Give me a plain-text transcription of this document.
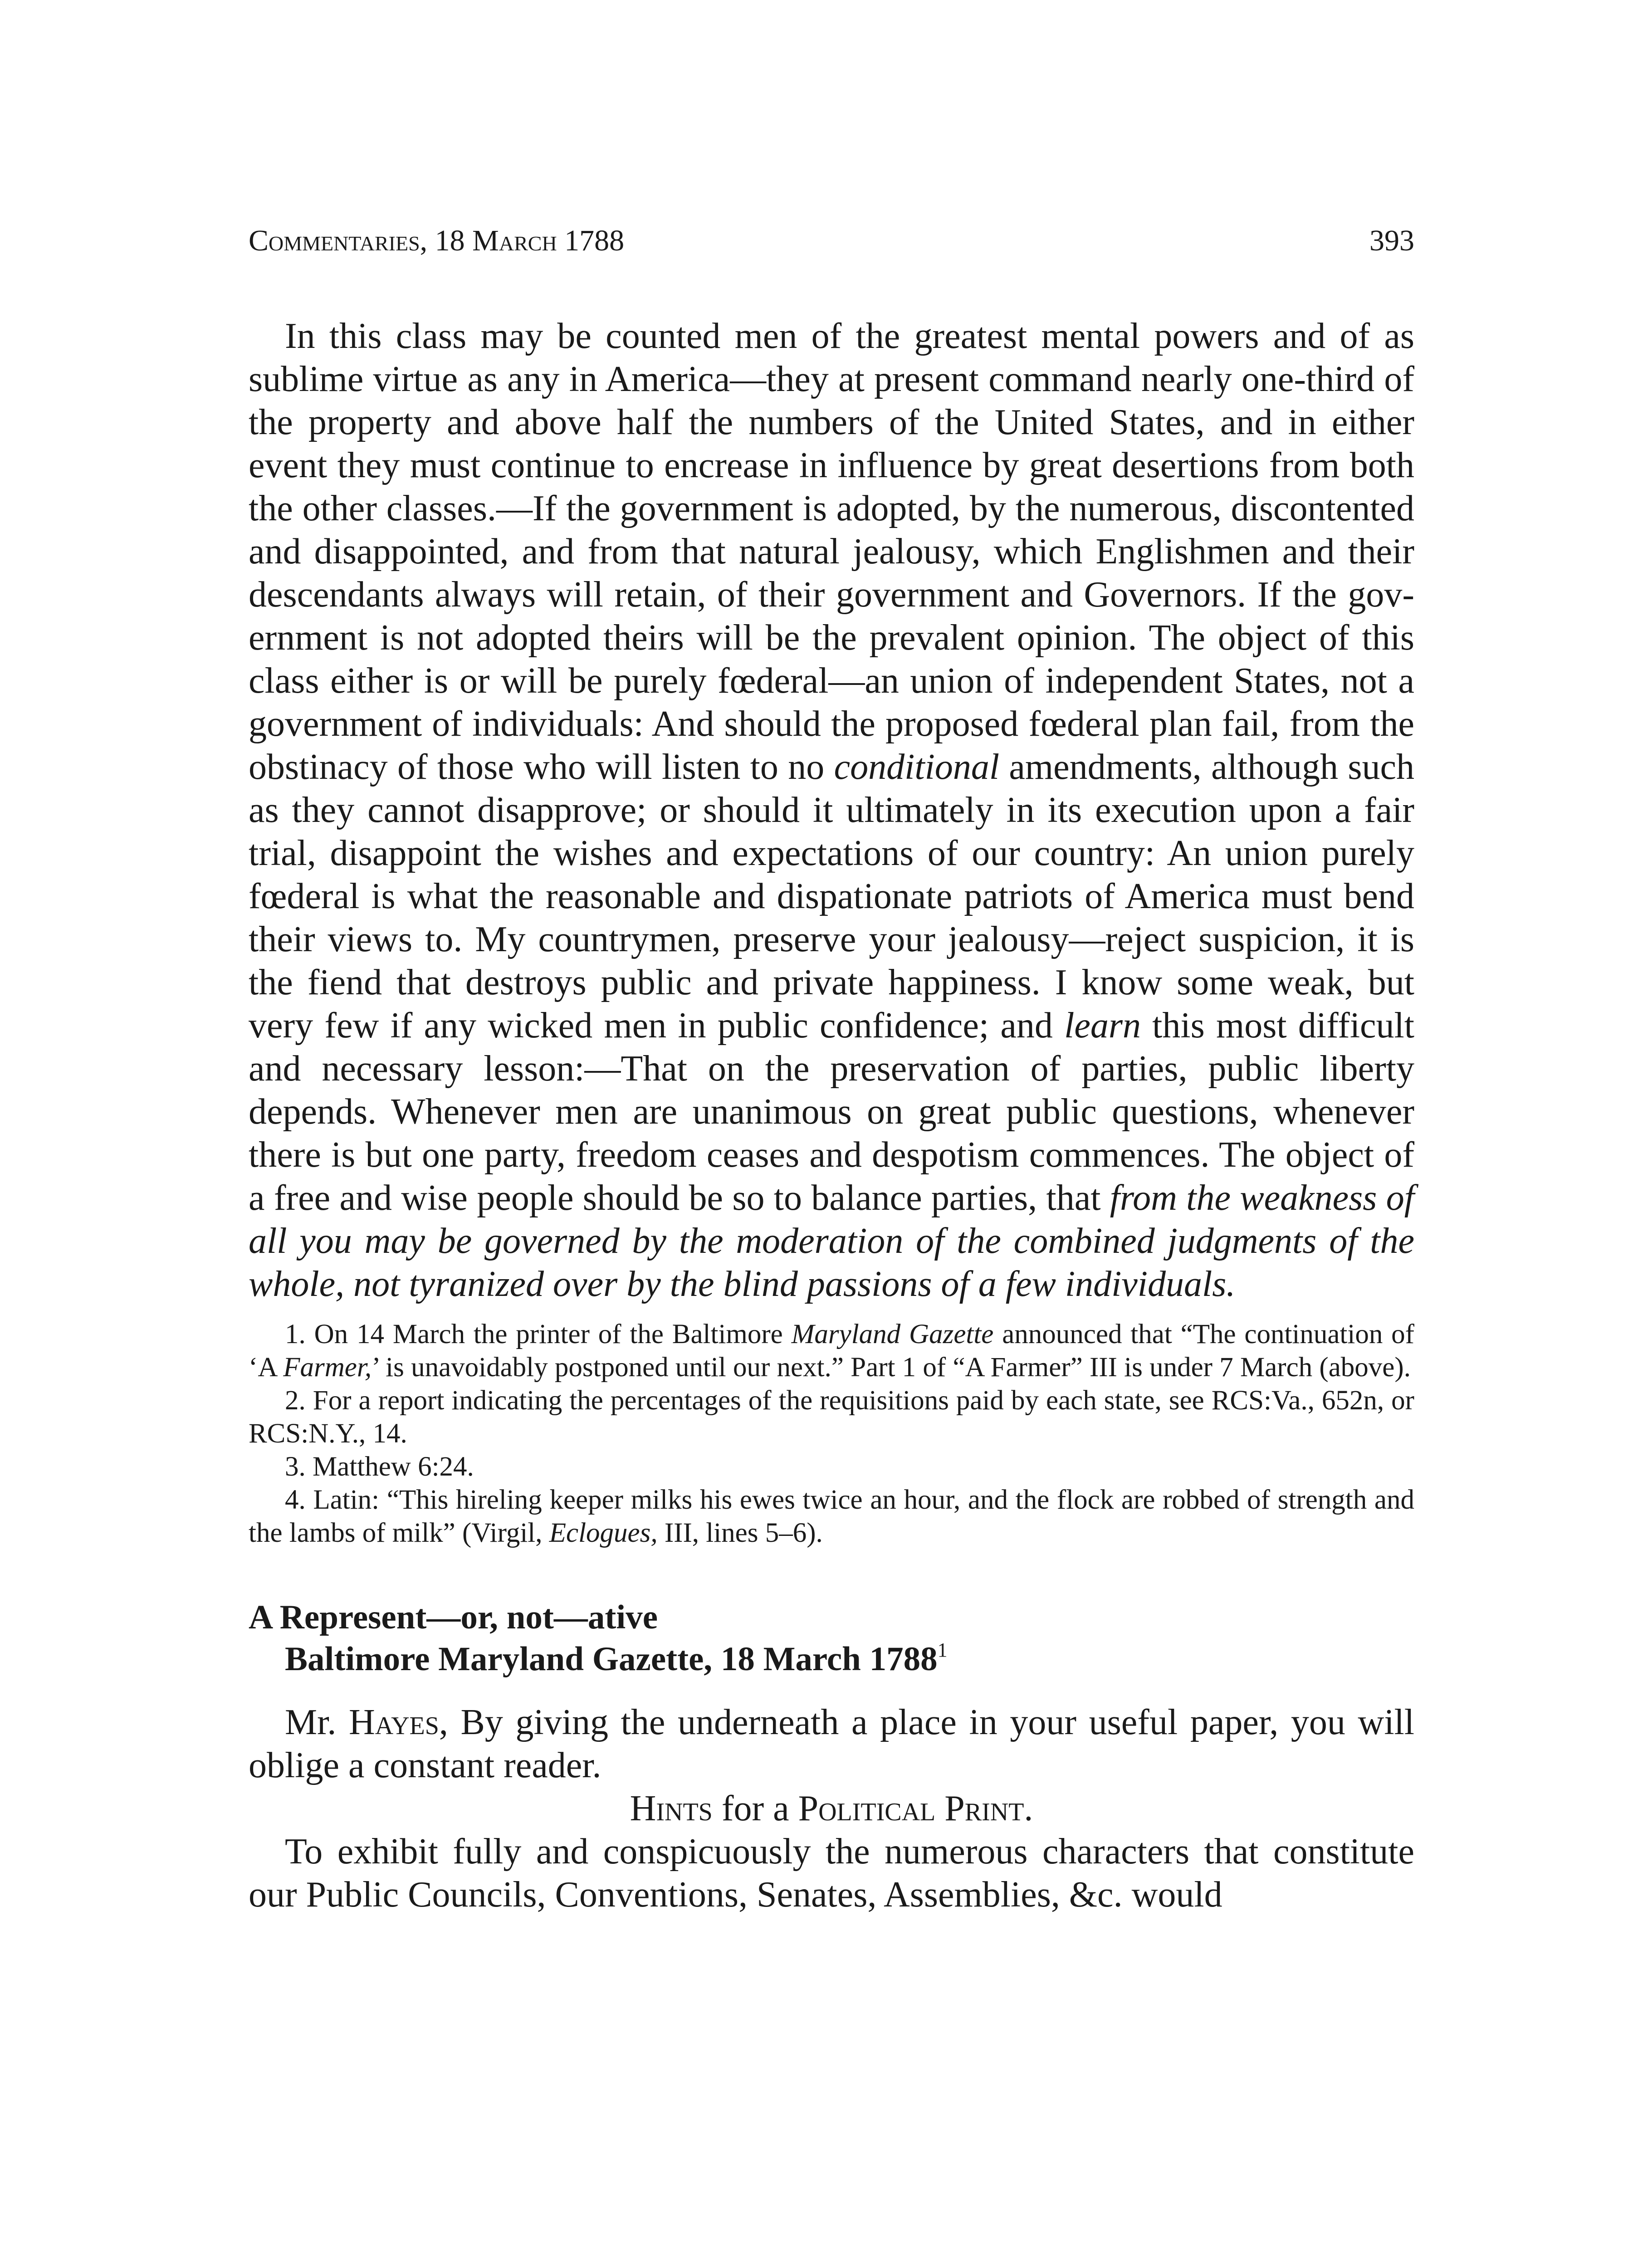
Commentaries, 18 March 1788	393

In this class may be counted men of the greatest mental powers and of as sublime virtue as any in America—they at present command nearly one-third of the property and above half the numbers of the United States, and in either event they must continue to encrease in influence by great desertions from both the other classes.—If the government is adopted, by the numerous, discontented and disappointed, and from that natural jealousy, which Englishmen and their descendants always will retain, of their government and Governors. If the government is not adopted theirs will be the prevalent opinion. The object of this class either is or will be purely fœderal—an union of independent States, not a government of individuals: And should the proposed fœderal plan fail, from the obstinacy of those who will listen to no conditional amendments, although such as they cannot disapprove; or should it ultimately in its execution upon a fair trial, disappoint the wishes and expectations of our country: An union purely fœderal is what the reasonable and dispationate patriots of America must bend their views to. My countrymen, preserve your jealousy—reject suspicion, it is the fiend that destroys public and private happiness. I know some weak, but very few if any wicked men in public confidence; and learn this most difficult and necessary lesson:—That on the preservation of parties, public liberty depends. Whenever men are unanimous on great public questions, whenever there is but one party, freedom ceases and despotism commences. The object of a free and wise people should be so to balance parties, that from the weakness of all you may be governed by the moderation of the combined judgments of the whole, not tyranized over by the blind passions of a few individuals.

1. On 14 March the printer of the Baltimore Maryland Gazette announced that “The continuation of ‘A Farmer,’ is unavoidably postponed until our next.” Part 1 of “A Farmer” III is under 7 March (above).

2. For a report indicating the percentages of the requisitions paid by each state, see RCS:Va., 652n, or RCS:N.Y., 14.

3. Matthew 6:24.

4. Latin: “This hireling keeper milks his ewes twice an hour, and the flock are robbed of strength and the lambs of milk” (Virgil, Eclogues, III, lines 5–6).

A Represent—or, not—ative
Baltimore Maryland Gazette, 18 March 1788$^1$

Mr. Hayes, By giving the underneath a place in your useful paper, you will oblige a constant reader.

Hints for a Political Print.

To exhibit fully and conspicuously the numerous characters that constitute our Public Councils, Conventions, Senates, Assemblies, &c. would
